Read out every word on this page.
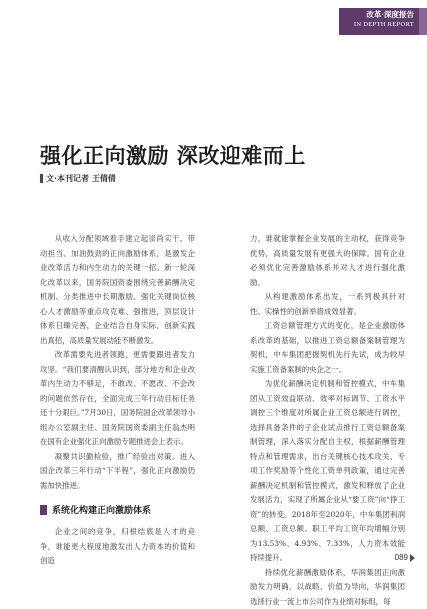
改革·深度报告
IN DEPTH REPORT
强化正向激励 深改迎难而上
文·本刊记者 王倩倩

从收入分配领域着手建立起崇尚实干、带动担当、加油鼓劲的正向激励体系，是激发企业改革活力和内生动力的关键一招。新一轮深化改革以来，国务院国资委围绕完善薪酬决定机制、分类推进中长期激励、强化关键岗位核心人才激励等重点攻克难、强推进，顶层设计体系日臻完善，企业结合自身实际，创新实践出真招，高质量发展动能不断激发。

改革需要先进者领跑，更需要跟进者发力攻坚。“我们要清醒认识到，部分地方和企业改革内生动力不够足，不敢改、不愿改、不会改的问题依然存在，全面完成三年行动目标任务还十分艰巨。”7月30日，国务院国企改革领导小组办公室副主任、国务院国资委副主任翁杰明在国有企业强化正向激励专题推进会上表示。

凝聚共识勤检验，推广经验出对策。进入国企改革三年行动“下半程”，强化正向激励仍需加快推进。

系统化构建正向激励体系

企业之间的竞争，归根结底是人才的竞争，谁能更大程度地激发出人力资本的价值和创造

力，谁就能掌握企业发展的主动权，获得竞争优势，高质量发展有更强大的保障。国有企业必须优化完善激励体系并对人才进行强化激励。

从构建激励体系出发，一系列极具针对性、实操性的创新举措成效显著。

工资总额管理方式的变化，是企业激励体系改革的基础，以推进工资总额备案制管理为契机，中车集团把握契机先行先试，成为较早实施工资备案制的央企之一。

为优化薪酬决定机制和管控模式，中车集团从工资效益联动、效率对标调节、工资水平调控三个维度对所属企业工资总额进行调控，选择具备条件的子企业试点推行工资总额备案制管理，深入落实分配自主权，根据薪酬管理特点和管理需求，出台关键核心技术攻关、专项工作奖励等个性化工资单列政策，通过完善薪酬决定机制和管控模式，激发和释放了企业发展活力，实现了所属企业从“要工资”向“挣工资”的转变。2018年至2020年，中车集团利润总额、工资总额、职工平均工资年均增幅分别为13.53%、4.93%、7.33%，人力资本效能持续提升。

持续优化薪酬激励体系，华润集团正向激励发力明确，以战略、价值为导向，华润集团选择行业一流上市公司作为业绩对标组，每

089
